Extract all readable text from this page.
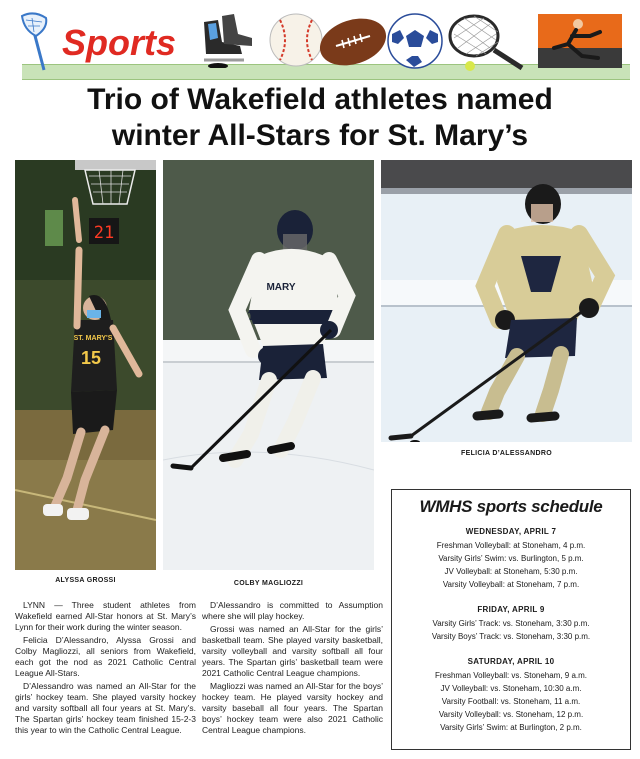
Sports
Trio of Wakefield athletes named
winter All-Stars for St. Mary’s
21
ST. MARY'S
15
ALYSSA GROSSI
MARY
10
COLBY MAGLIOZZI
FELICIA D’ALESSANDRO

LYNN — Three student athletes from Wakefield earned All-Star honors at St. Mary’s Lynn for their work during the winter season.

Felicia D’Alessandro, Alyssa Grossi and Colby Magliozzi, all seniors from Wakefield, each got the nod as 2021 Catholic Central League All-Stars.

D’Alessandro was named an All-Star for the girls’ hockey team. She played varsity hockey and varsity softball all four years at St. Mary’s. The Spartan girls’ hockey team finished 15-2-3 this year to win the Catholic Central League.

D’Alessandro is committed to Assumption where she will play hockey.

Grossi was named an All-Star for the girls’ basketball team. She played varsity basketball, varsity volleyball and varsity softball all four years. The Spartan girls’ basketball team were 2021 Catholic Central League champions.

Magliozzi was named an All-Star for the boys’ hockey team. He played varsity hockey and varsity baseball all four years. The Spartan boys’ hockey team were also 2021 Catholic Central League champions.

WMHS sports schedule
WEDNESDAY, APRIL 7
Freshman Volleyball: at Stoneham, 4 p.m.
Varsity Girls’ Swim: vs. Burlington, 5 p.m.
JV Volleyball: at Stoneham, 5:30 p.m.
Varsity Volleyball: at Stoneham, 7 p.m.
FRIDAY, APRIL 9
Varsity Girls’ Track: vs. Stoneham, 3:30 p.m.
Varsity Boys’ Track: vs. Stoneham, 3:30 p.m.
SATURDAY, APRIL 10
Freshman Volleyball: vs. Stoneham, 9 a.m.
JV Volleyball: vs. Stoneham, 10:30 a.m.
Varsity Football: vs. Stoneham, 11 a.m.
Varsity Volleyball: vs. Stoneham, 12 p.m.
Varsity Girls’ Swim: at Burlington, 2 p.m.
